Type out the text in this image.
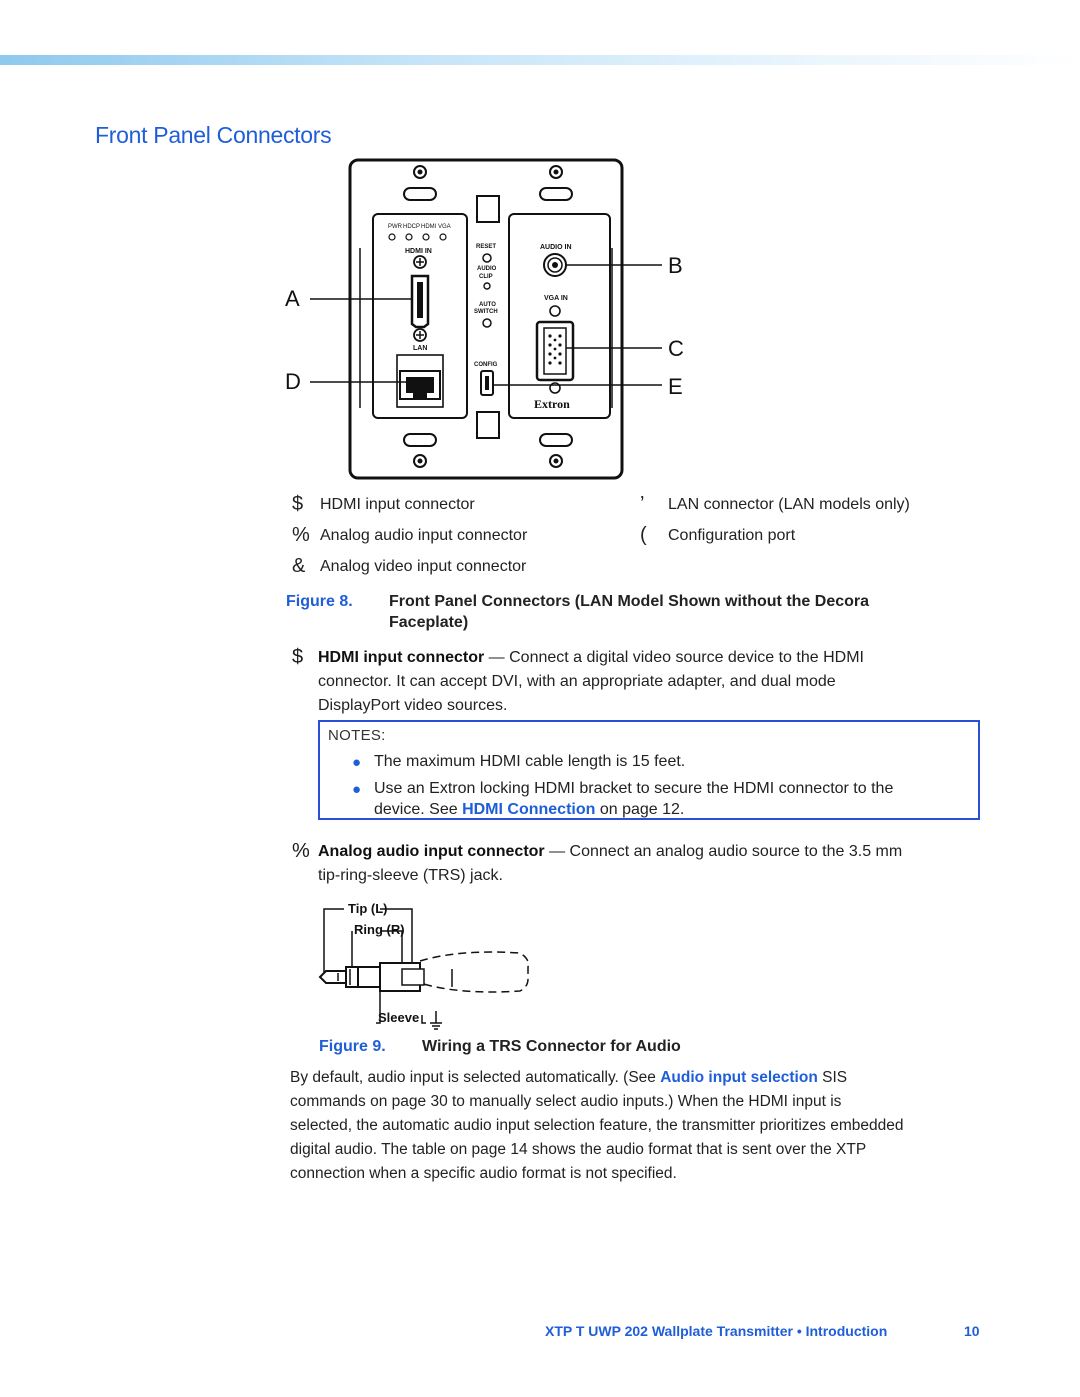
Front Panel Connectors
PWR HDCP HDMI VGA
HDMI IN
LAN
RESET
AUDIO
CLIP
AUTO
SWITCH
CONFIG
AUDIO IN
VGA IN
Extron
A
B
C
D	E
$ HDMI input connector
% Analog audio input connector
& Analog video input connector
’ LAN connector (LAN models only)
( Configuration port
Figure 8. Front Panel Connectors (LAN Model Shown without the Decora
Faceplate)
$ HDMI input connector — Connect a digital video source device to the HDMI
connector. It can accept DVI, with an appropriate adapter, and dual mode
DisplayPort video sources.
NOTES:
● The maximum HDMI cable length is 15 feet.
● Use an Extron locking HDMI bracket to secure the HDMI connector to the
device. See HDMI Connection on page 12.
% Analog audio input connector — Connect an analog audio source to the 3.5 mm
tip-ring-sleeve (TRS) jack.
Tip (L)
Ring (R)
Sleeve
Figure 9. Wiring a TRS Connector for Audio
By default, audio input is selected automatically. (See Audio input selection SIS
commands on page 30 to manually select audio inputs.) When the HDMI input is
selected, the automatic audio input selection feature, the transmitter prioritizes embedded
digital audio. The table on page 14 shows the audio format that is sent over the XTP
connection when a specific audio format is not specified.
XTP T UWP 202 Wallplate Transmitter • Introduction	10
